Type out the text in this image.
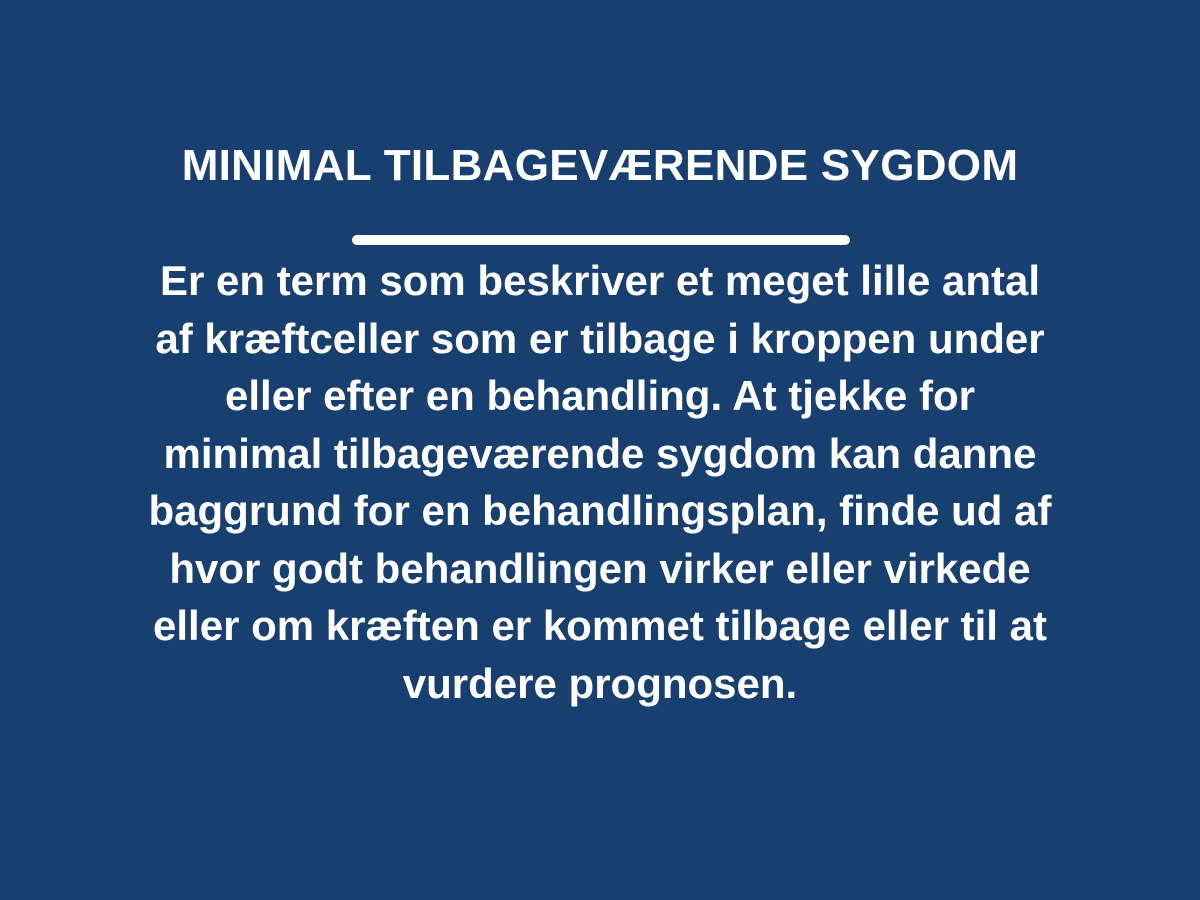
MINIMAL TILBAGEVÆRENDE SYGDOM

Er en term som beskriver et meget lille antal af kræftceller som er tilbage i kroppen under eller efter en behandling. At tjekke for minimal tilbageværende sygdom kan danne baggrund for en behandlingsplan, finde ud af hvor godt behandlingen virker eller virkede eller om kræften er kommet tilbage eller til at vurdere prognosen.
